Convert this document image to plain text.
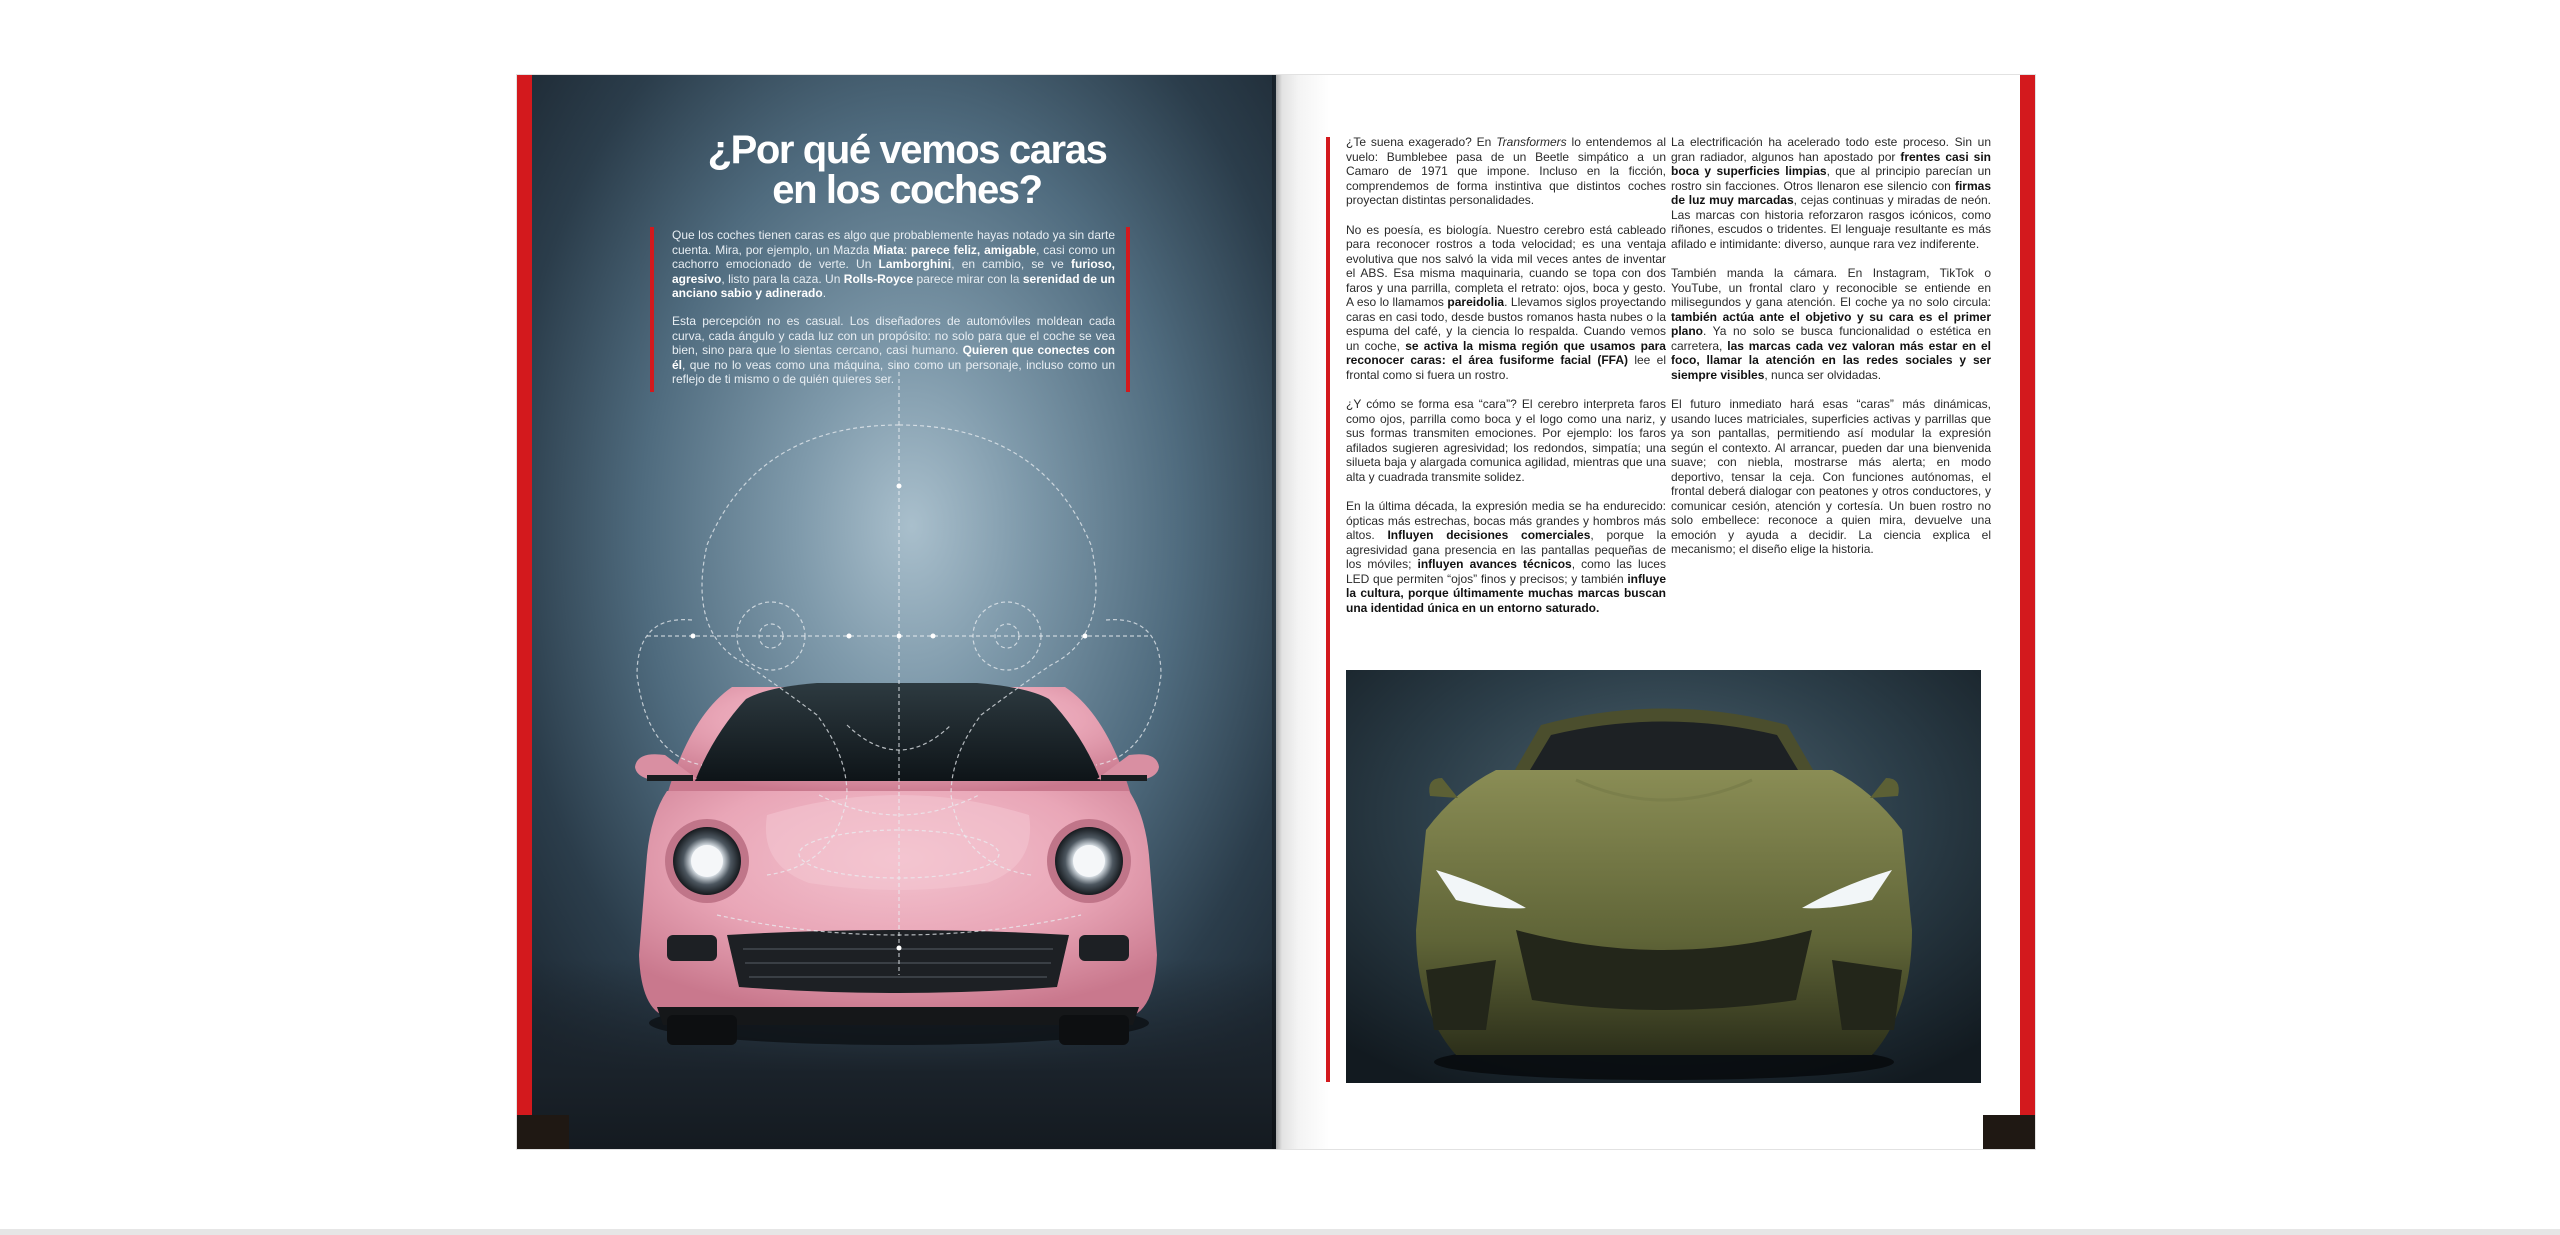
¿Por qué vemos caras
en los coches?

Que los coches tienen caras es algo que probablemente hayas notado ya sin darte cuenta. Mira, por ejemplo, un Mazda Miata: parece feliz, amigable, casi como un cachorro emocionado de verte. Un Lamborghini, en cambio, se ve furioso, agresivo, listo para la caza. Un Rolls-Royce parece mirar con la serenidad de un anciano sabio y adinerado.

Esta percepción no es casual. Los diseñadores de automóviles moldean cada curva, cada ángulo y cada luz con un propósito: no solo para que el coche se vea bien, sino para que lo sientas cercano, casi humano. Quieren que conectes con él, que no lo veas como una máquina, sino como un personaje, incluso como un reflejo de ti mismo o de quién quieres ser.

¿Te suena exagerado? En Transformers lo entendemos al vuelo: Bumblebee pasa de un Beetle simpático a un Camaro de 1971 que impone. Incluso en la ficción, comprendemos de forma instintiva que distintos coches proyectan distintas personalidades.

No es poesía, es biología. Nuestro cerebro está cableado para reconocer rostros a toda velocidad; es una ventaja evolutiva que nos salvó la vida mil veces antes de inventar el ABS. Esa misma maquinaria, cuando se topa con dos faros y una parrilla, completa el retrato: ojos, boca y gesto. A eso lo llamamos pareidolia. Llevamos siglos proyectando caras en casi todo, desde bustos romanos hasta nubes o la espuma del café, y la ciencia lo respalda. Cuando vemos un coche, se activa la misma región que usamos para reconocer caras: el área fusiforme facial (FFA) lee el frontal como si fuera un rostro.

¿Y cómo se forma esa “cara”? El cerebro interpreta faros como ojos, parrilla como boca y el logo como una nariz, y sus formas transmiten emociones. Por ejemplo: los faros afilados sugieren agresividad; los redondos, simpatía; una silueta baja y alargada comunica agilidad, mientras que una alta y cuadrada transmite solidez.

En la última década, la expresión media se ha endurecido: ópticas más estrechas, bocas más grandes y hombros más altos. Influyen decisiones comerciales, porque la agresividad gana presencia en las pantallas pequeñas de los móviles; influyen avances técnicos, como las luces LED que permiten “ojos” finos y precisos; y también influye la cultura, porque últimamente muchas marcas buscan una identidad única en un entorno saturado.

La electrificación ha acelerado todo este proceso. Sin un gran radiador, algunos han apostado por frentes casi sin boca y superficies limpias, que al principio parecían un rostro sin facciones. Otros llenaron ese silencio con firmas de luz muy marcadas, cejas continuas y miradas de neón. Las marcas con historia reforzaron rasgos icónicos, como riñones, escudos o tridentes. El lenguaje resultante es más afilado e intimidante: diverso, aunque rara vez indiferente.

También manda la cámara. En Instagram, TikTok o YouTube, un frontal claro y reconocible se entiende en milisegundos y gana atención. El coche ya no solo circula: también actúa ante el objetivo y su cara es el primer plano. Ya no solo se busca funcionalidad o estética en carretera, las marcas cada vez valoran más estar en el foco, llamar la atención en las redes sociales y ser siempre visibles, nunca ser olvidadas.

El futuro inmediato hará esas “caras” más dinámicas, usando luces matriciales, superficies activas y parrillas que ya son pantallas, permitiendo así modular la expresión según el contexto. Al arrancar, pueden dar una bienvenida suave; con niebla, mostrarse más alerta; en modo deportivo, tensar la ceja. Con funciones autónomas, el frontal deberá dialogar con peatones y otros conductores, y comunicar cesión, atención y cortesía. Un buen rostro no solo embellece: reconoce a quien mira, devuelve una emoción y ayuda a decidir. La ciencia explica el mecanismo; el diseño elige la historia.
